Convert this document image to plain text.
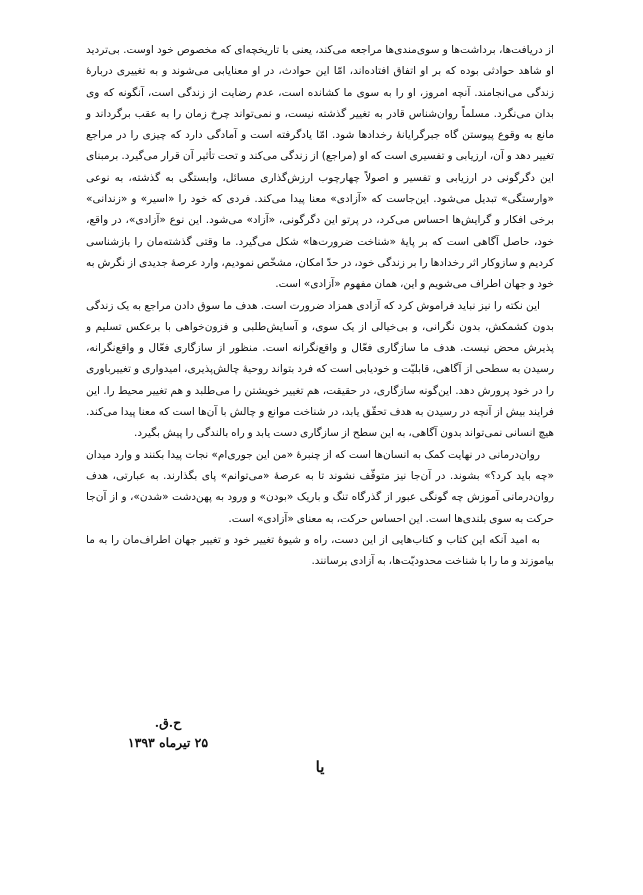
از دریافت‌ها، برداشت‌ها و سوی‌مندی‌ها مراجعه می‌کند، یعنی با تاریخچه‌ای که مخصوص خود اوست. بی‌تردید او شاهد حوادثی بوده که بر او اتفاق افتاده‌اند، امّا این حوادث، در او معنایابی می‌شوند و به تغییری دربارهٔ زندگی می‌انجامند. آنچه امروز، او را به سوی ما کشانده است، عدم رضایت از زندگی است، آنگونه که وی بدان می‌نگرد. مسلماً روان‌شناس قادر به تغییر گذشته نیست، و نمی‌تواند چرخ زمان را به عقب برگرداند و مانع به وقوع پیوستن گاه جبرگرایانهٔ رخدادها شود. امّا یادگرفته است و آمادگی دارد که چیزی را در مراجع تغییر دهد و آن، ارزیابی و تفسیری است که او (مراجع) از زندگی می‌کند و تحت تأثیر آن قرار می‌گیرد. برمبنای این دگرگونی در ارزیابی و تفسیر و اصولاً چهارچوب ارزش‌گذاری مسائل، وابستگی به گذشته، به نوعی «وارستگی» تبدیل می‌شود. این‌جاست که «آزادی» معنا پیدا می‌کند. فردی که خود را «اسیر» و «زندانی» برخی افکار و گرایش‌ها احساس می‌کرد، در پرتو این دگرگونی، «آزاد» می‌شود. این نوع «آزادی»، در واقع، خود، حاصل آگاهی است که بر پایهٔ «شناخت ضرورت‌ها» شکل می‌گیرد. ما وقتی گذشته‌مان را بازشناسی کردیم و سازوکار اثر رخدادها را بر زندگی خود، در حدّ امکان، مشخّص نمودیم، وارد عرصهٔ جدیدی از نگرش به خود و جهان اطراف می‌شویم و این، همان مفهوم «آزادی» است.

این نکته را نیز نباید فراموش کرد که آزادی همزاد ضرورت است. هدف ما سوق دادن مراجع به یک زندگی بدون کشمکش، بدون نگرانی، و بی‌خیالی از یک سوی، و آسایش‌طلبی و فزون‌خواهی با برعکس تسلیم و پذیرش محض نیست. هدف ما سازگاری فعّال و واقع‌نگرانه است. منظور از سازگاری فعّال و واقع‌نگرانه، رسیدن به سطحی از آگاهی، قابلیّت و خودیابی است که فرد بتواند روحیهٔ چالش‌پذیری، امیدواری و تغییرباوری را در خود پرورش دهد. این‌گونه سازگاری، در حقیقت، هم تغییر خویشتن را می‌طلبد و هم تغییر محیط را. این فرایند بیش از آنچه در رسیدن به هدف تحقّق یابد، در شناخت موانع و چالش با آن‌ها است که معنا پیدا می‌کند. هیچ انسانی نمی‌تواند بدون آگاهی، به این سطح از سازگاری دست یابد و راه بالندگی را پیش بگیرد.

روان‌درمانی در نهایت کمک به انسان‌ها است که از چنبرهٔ «من این جوری‌ام» نجات پیدا بکنند و وارد میدان «چه باید کرد؟» بشوند. در آن‌جا نیز متوقّف نشوند تا به عرصهٔ «می‌توانم» پای بگذارند. به عبارتی، هدف روان‌درمانی آموزش چه گونگی عبور از گذرگاه تنگ و باریک «بودن» و ورود به پهن‌دشت «شدن»، و از آن‌جا حرکت به سوی بلندی‌ها است. این احساس حرکت، به معنای «آزادی» است.

به امید آنکه این کتاب و کتاب‌هایی از این دست، راه و شیوهٔ تغییر خود و تغییر جهان اطراف‌مان را به ما بیاموزند و ما را با شناخت محدودیّت‌ها، به آزادی برسانند.

ح.ق.
۲۵ تیرماه ۱۳۹۳
یا
